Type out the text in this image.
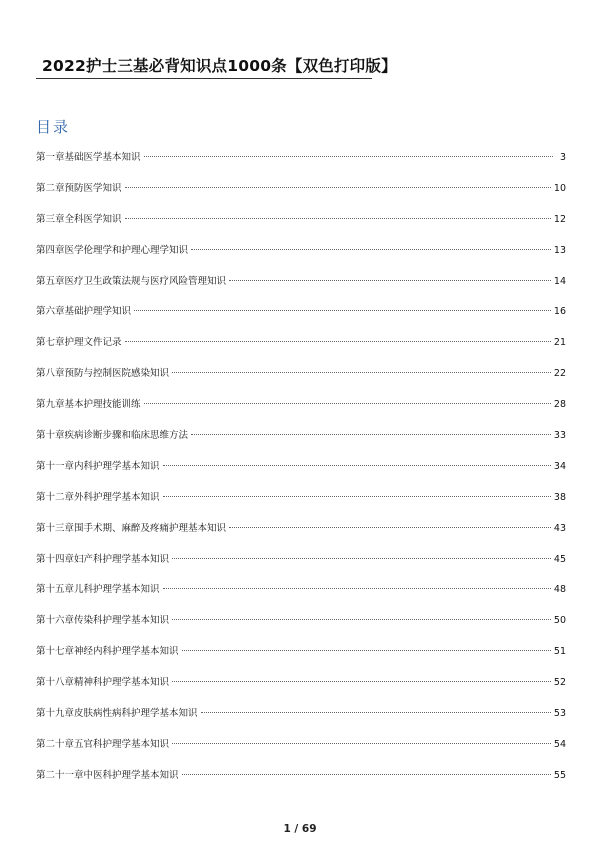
2022护士三基必背知识点1000条【双色打印版】
目录
第一章基础医学基本知识	3
第二章预防医学知识	10
第三章全科医学知识	12
第四章医学伦理学和护理心理学知识	13
第五章医疗卫生政策法规与医疗风险管理知识	14
第六章基础护理学知识	16
第七章护理文件记录	21
第八章预防与控制医院感染知识	22
第九章基本护理技能训练	28
第十章疾病诊断步骤和临床思维方法	33
第十一章内科护理学基本知识	34
第十二章外科护理学基本知识	38
第十三章围手术期、麻醉及疼痛护理基本知识	43
第十四章妇产科护理学基本知识	45
第十五章儿科护理学基本知识	48
第十六章传染科护理学基本知识	50
第十七章神经内科护理学基本知识	51
第十八章精神科护理学基本知识	52
第十九章皮肤病性病科护理学基本知识	53
第二十章五官科护理学基本知识	54
第二十一章中医科护理学基本知识	55
1 / 69
